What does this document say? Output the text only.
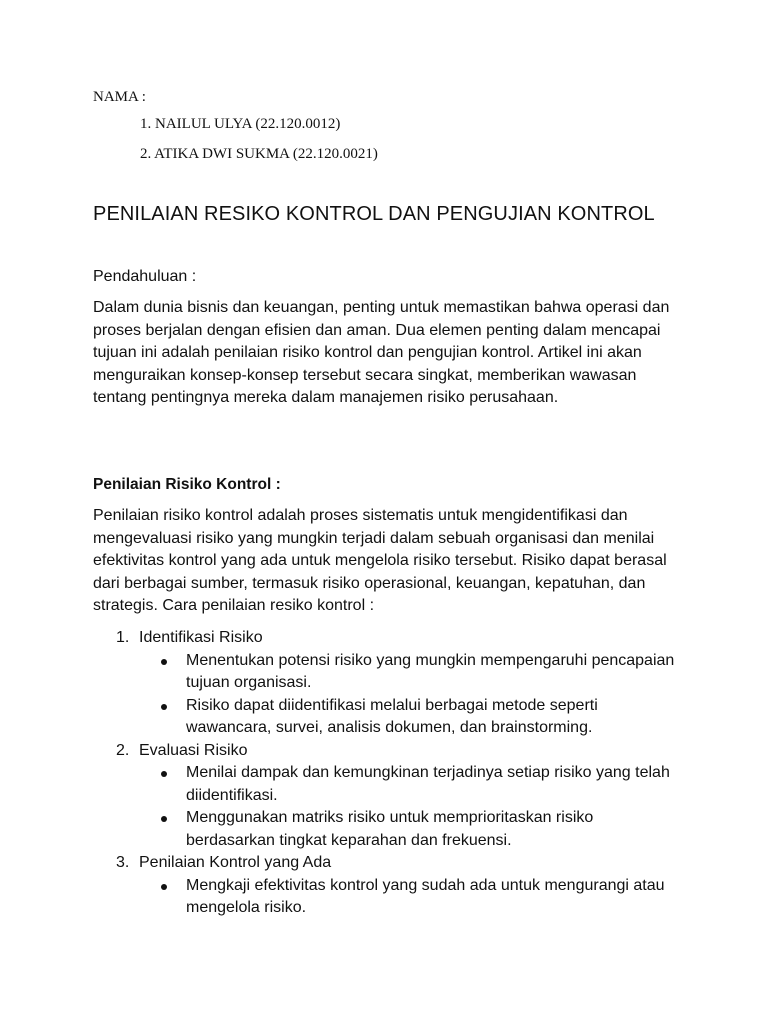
NAMA :
1. NAILUL ULYA (22.120.0012)
2. ATIKA DWI SUKMA (22.120.0021)
PENILAIAN RESIKO KONTROL DAN PENGUJIAN KONTROL
Pendahuluan :

Dalam dunia bisnis dan keuangan, penting untuk memastikan bahwa operasi dan proses berjalan dengan efisien dan aman. Dua elemen penting dalam mencapai tujuan ini adalah penilaian risiko kontrol dan pengujian kontrol. Artikel ini akan menguraikan konsep-konsep tersebut secara singkat, memberikan wawasan tentang pentingnya mereka dalam manajemen risiko perusahaan.

Penilaian Risiko Kontrol :

Penilaian risiko kontrol adalah proses sistematis untuk mengidentifikasi dan mengevaluasi risiko yang mungkin terjadi dalam sebuah organisasi dan menilai efektivitas kontrol yang ada untuk mengelola risiko tersebut. Risiko dapat berasal dari berbagai sumber, termasuk risiko operasional, keuangan, kepatuhan, dan strategis. Cara penilaian resiko kontrol :

1. Identifikasi Risiko
Menentukan potensi risiko yang mungkin mempengaruhi pencapaian tujuan organisasi.
Risiko dapat diidentifikasi melalui berbagai metode seperti wawancara, survei, analisis dokumen, dan brainstorming.
2. Evaluasi Risiko
Menilai dampak dan kemungkinan terjadinya setiap risiko yang telah diidentifikasi.
Menggunakan matriks risiko untuk memprioritaskan risiko berdasarkan tingkat keparahan dan frekuensi.
3. Penilaian Kontrol yang Ada
Mengkaji efektivitas kontrol yang sudah ada untuk mengurangi atau mengelola risiko.
